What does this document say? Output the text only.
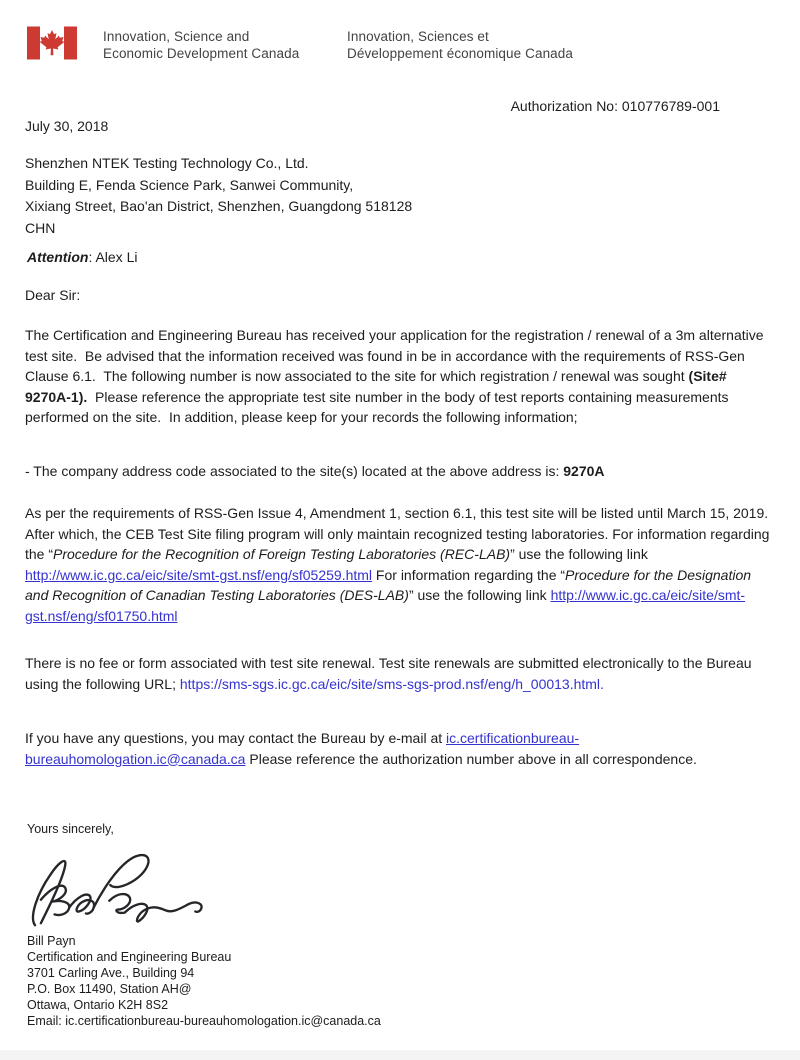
Innovation, Science and
Economic Development Canada
Innovation, Sciences et
Développement économique Canada
Authorization No: 010776789-001
July 30, 2018
Shenzhen NTEK Testing Technology Co., Ltd.
Building E, Fenda Science Park, Sanwei Community,
Xixiang Street, Bao'an District, Shenzhen, Guangdong 518128
CHN
Attention: Alex Li
Dear Sir:
The Certification and Engineering Bureau has received your application for the registration / renewal of a 3m alternative test site.  Be advised that the information received was found in be in accordance with the requirements of RSS-Gen Clause 6.1.  The following number is now associated to the site for which registration / renewal was sought (Site# 9270A-1).  Please reference the appropriate test site number in the body of test reports containing measurements performed on the site.  In addition, please keep for your records the following information;
- The company address code associated to the site(s) located at the above address is: 9270A
As per the requirements of RSS-Gen Issue 4, Amendment 1, section 6.1, this test site will be listed until March 15, 2019. After which, the CEB Test Site filing program will only maintain recognized testing laboratories. For information regarding the “Procedure for the Recognition of Foreign Testing Laboratories (REC-LAB)” use the following link http://www.ic.gc.ca/eic/site/smt-gst.nsf/eng/sf05259.html For information regarding the “Procedure for the Designation and Recognition of Canadian Testing Laboratories (DES-LAB)” use the following link http://www.ic.gc.ca/eic/site/smt-gst.nsf/eng/sf01750.html
There is no fee or form associated with test site renewal. Test site renewals are submitted electronically to the Bureau using the following URL; https://sms-sgs.ic.gc.ca/eic/site/sms-sgs-prod.nsf/eng/h_00013.html.
If you have any questions, you may contact the Bureau by e-mail at ic.certificationbureau-bureauhomologation.ic@canada.ca Please reference the authorization number above in all correspondence.
Yours sincerely,
Bill Payn
Certification and Engineering Bureau
3701 Carling Ave., Building 94
P.O. Box 11490, Station AH@
Ottawa, Ontario K2H 8S2
Email: ic.certificationbureau-bureauhomologation.ic@canada.ca
